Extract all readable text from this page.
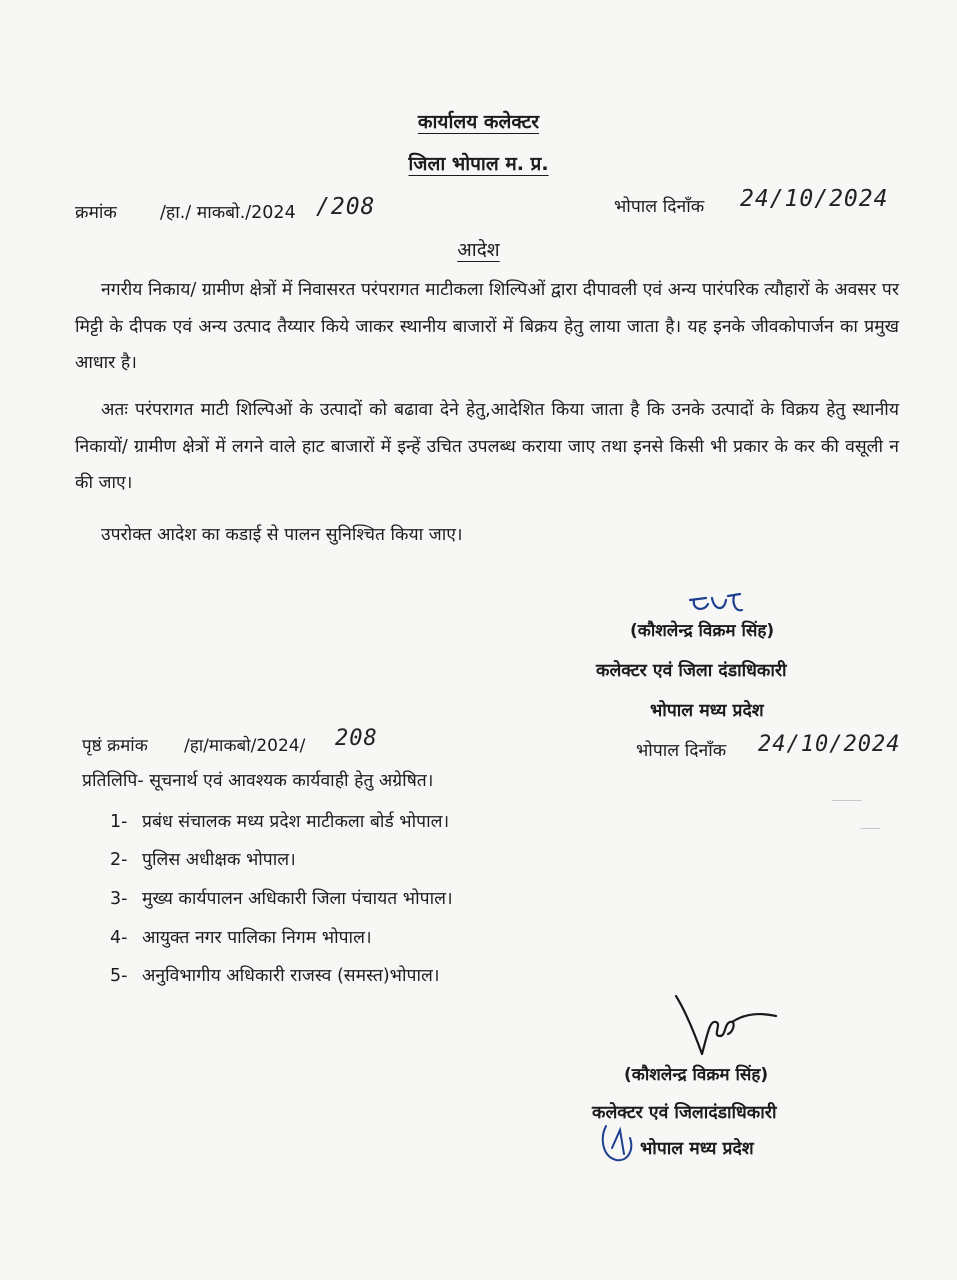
कार्यालय कलेक्टर
जिला भोपाल म. प्र.
क्रमांक /हा./ माकबो./2024 /208	भोपाल दिनाँक 24/10/2024
आदेश
नगरीय निकाय/ ग्रामीण क्षेत्रों में निवासरत परंपरागत माटीकला शिल्पिओं द्वारा दीपावली एवं अन्य पारंपरिक त्यौहारों के अवसर पर मिट्टी के दीपक एवं अन्य उत्पाद तैय्यार किये जाकर स्थानीय बाजारों में बिक्रय हेतु लाया जाता है। यह इनके जीवकोपार्जन का प्रमुख आधार है।
अतः परंपरागत माटी शिल्पिओं के उत्पादों को बढावा देने हेतु,आदेशित किया जाता है कि उनके उत्पादों के विक्रय हेतु स्थानीय निकायों/ ग्रामीण क्षेत्रों में लगने वाले हाट बाजारों में इन्हें उचित उपलब्ध कराया जाए तथा इनसे किसी भी प्रकार के कर की वसूली न की जाए।
उपरोक्त आदेश का कडाई से पालन सुनिश्चित किया जाए।
(कौशलेन्द्र विक्रम सिंह)
कलेक्टर एवं जिला दंडाधिकारी
भोपाल मध्य प्रदेश
पृष्ठं क्रमांक /हा/माकबो/2024/ 208	भोपाल दिनाँक 24/10/2024
प्रतिलिपि- सूचनार्थ एवं आवश्यक कार्यवाही हेतु अग्रेषित।
1- प्रबंध संचालक मध्य प्रदेश माटीकला बोर्ड भोपाल।
2- पुलिस अधीक्षक भोपाल।
3- मुख्य कार्यपालन अधिकारी जिला पंचायत भोपाल।
4- आयुक्त नगर पालिका निगम भोपाल।
5- अनुविभागीय अधिकारी राजस्व (समस्त)भोपाल।
(कौशलेन्द्र विक्रम सिंह)
कलेक्टर एवं जिलादंडाधिकारी
भोपाल मध्य प्रदेश
